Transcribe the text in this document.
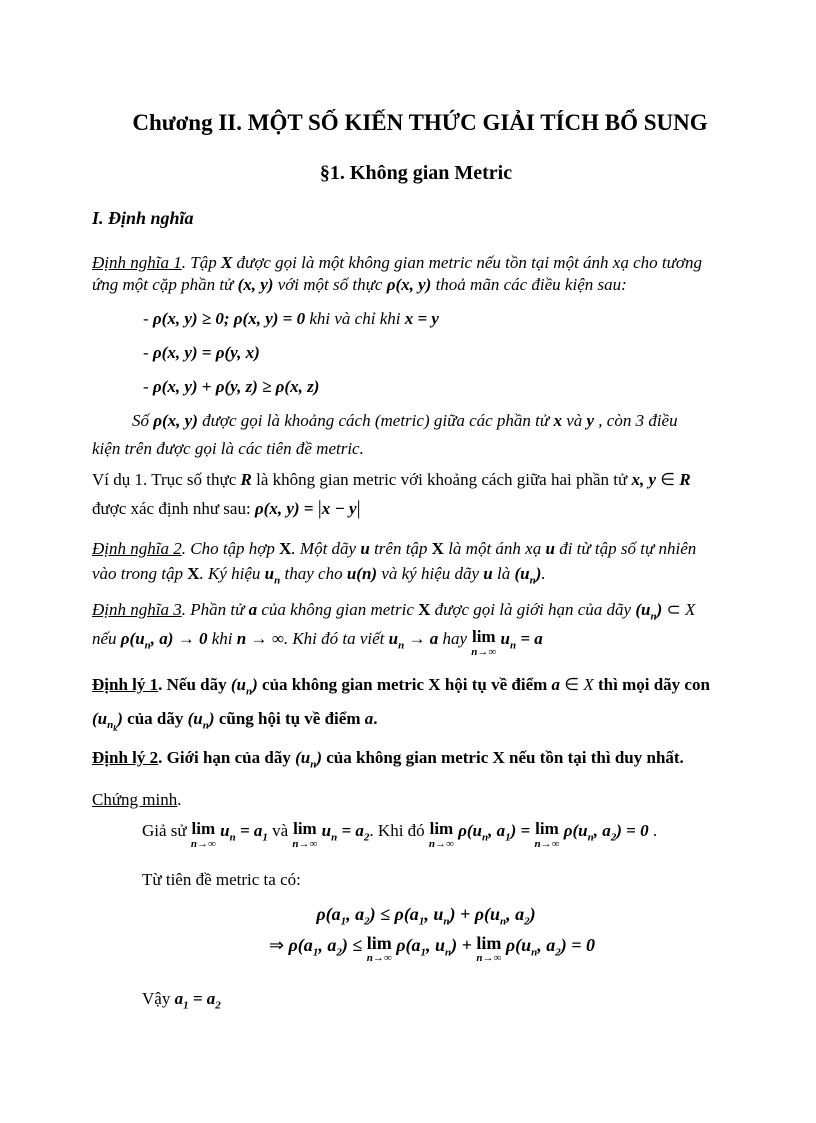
Chương II. MỘT SỐ KIẾN THỨC GIẢI TÍCH BỔ SUNG
§1. Không gian Metric
I. Định nghĩa
Định nghĩa 1. Tập X được gọi là một không gian metric nếu tồn tại một ánh xạ cho tương
ứng một cặp phần tử (x, y) với một số thực ρ(x, y) thoả mãn các điều kiện sau:
- ρ(x, y) ≥ 0; ρ(x, y) = 0 khi và chỉ khi x = y
- ρ(x, y) = ρ(y, x)
- ρ(x, y) + ρ(y, z) ≥ ρ(x, z)
Số ρ(x, y) được gọi là khoảng cách (metric) giữa các phần tử x và y , còn 3 điều
kiện trên được gọi là các tiên đề metric.
Ví dụ 1. Trục số thực R là không gian metric với khoảng cách giữa hai phần tử x, y ∈ R
được xác định như sau: ρ(x, y) = |x − y|
Định nghĩa 2. Cho tập hợp X. Một dãy u trên tập X là một ánh xạ u đi từ tập số tự nhiên
vào trong tập X. Ký hiệu $u_n$ thay cho u(n) và ký hiệu dãy u là $(u_n)$.
Định nghĩa 3. Phần tử a của không gian metric X được gọi là giới hạn của dãy $(u_n)$ ⊂ X
nếu $\rho(u_n$, a) → 0 khi n → ∞. Khi đó ta viết $u_n \to a$ hay lim
n→∞
$u_n = a$
Định lý 1. Nếu dãy $(u_n)$ của không gian metric X hội tụ về điểm a ∈ X thì mọi dãy con
$(u_{n_k})$ của dãy $(u_n)$ cũng hội tụ về điểm a.
Định lý 2. Giới hạn của dãy $(u_n)$ của không gian metric X nếu tồn tại thì duy nhất.
Chứng minh.
Giả sử lim
n→∞
$u_n = a_1$ và lim
n→∞
$u_n = a_2$. Khi đó lim
n→∞
$\rho(u_n$, $a_1) = \lim$
n→∞
$\rho(u_n$, $a_2) = 0$ .
Từ tiên đề metric ta có:
$\rho(a_1$, $a_2) \le \rho(a_1$, $u_n) + \rho(u_n$, $a_2$)
⇒ $\rho(a_1$, $a_2) \le \lim$
n→∞
$\rho(a_1$, $u_n) + \lim$
n→∞
$\rho(u_n$, $a_2) = 0$
Vậy $a_1 = a_2$
